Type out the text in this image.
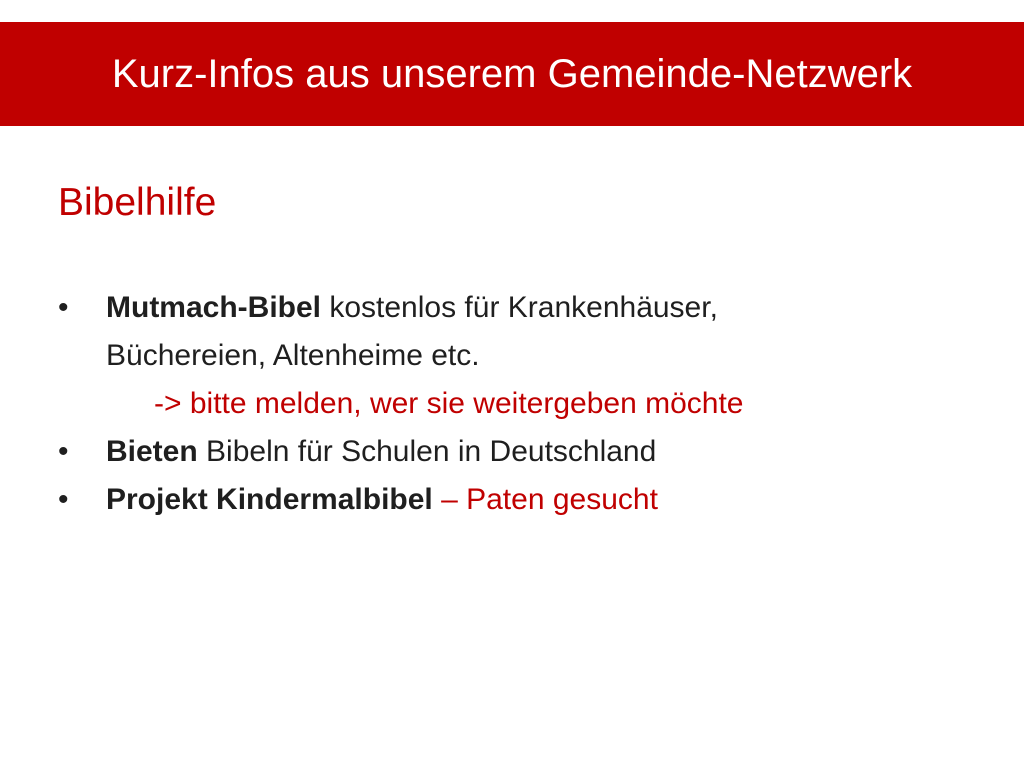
Kurz-Infos aus unserem Gemeinde-Netzwerk
Bibelhilfe
•	Mutmach-Bibel kostenlos für Krankenhäuser,
Büchereien, Altenheime etc.
-> bitte melden, wer sie weitergeben möchte
•	Bieten Bibeln für Schulen in Deutschland
•	Projekt Kindermalbibel – Paten gesucht
